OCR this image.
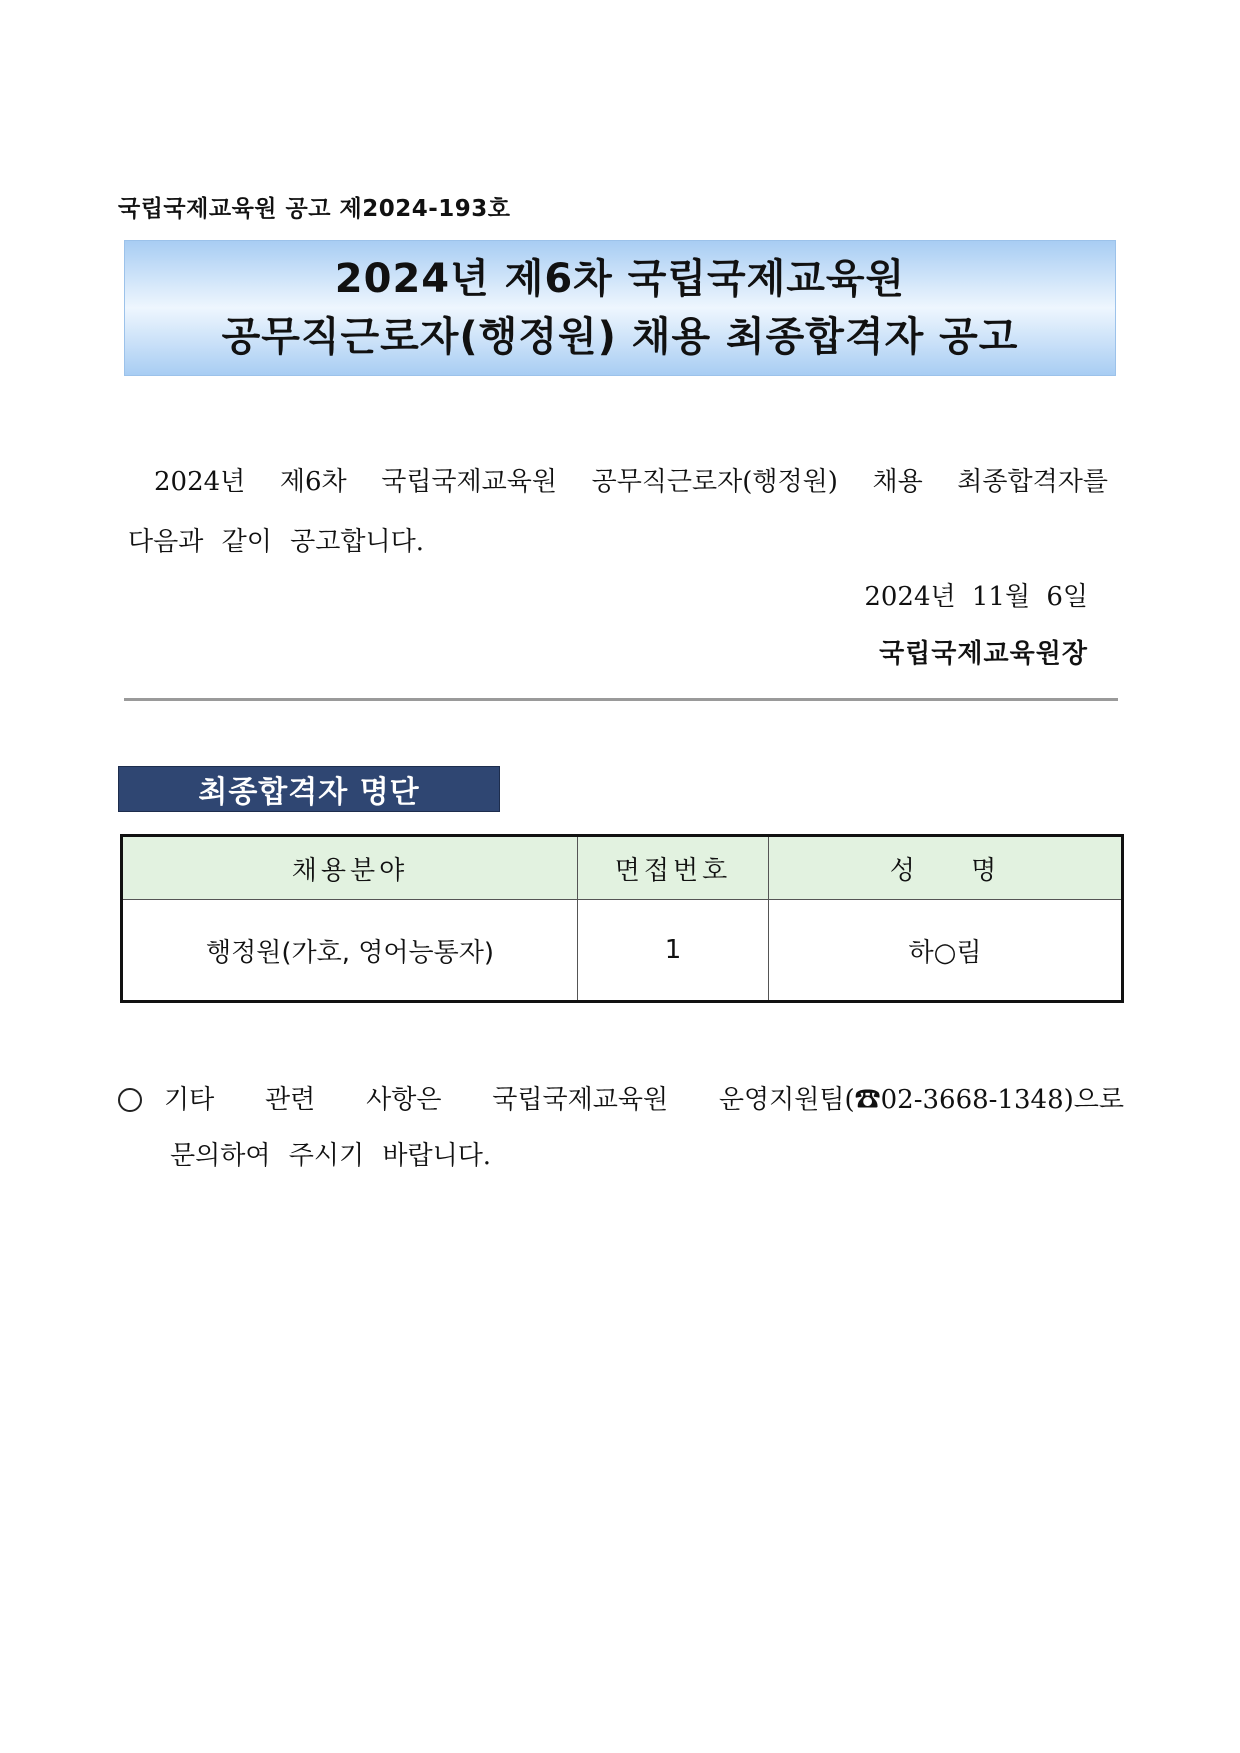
국립국제교육원 공고 제2024-193호
2024년 제6차 국립국제교육원
공무직근로자(행정원) 채용 최종합격자 공고
2024년 제6차 국립국제교육원 공무직근로자(행정원) 채용 최종합격자를
다음과 같이 공고합니다.
2024년 11월 6일
국립국제교육원장
최종합격자 명단
채용분야	면접번호	성 명
행정원(가호, 영어능통자)	1	하○림
기타 관련 사항은 국립국제교육원 운영지원팀(☎02-3668-1348)으로
문의하여 주시기 바랍니다.
